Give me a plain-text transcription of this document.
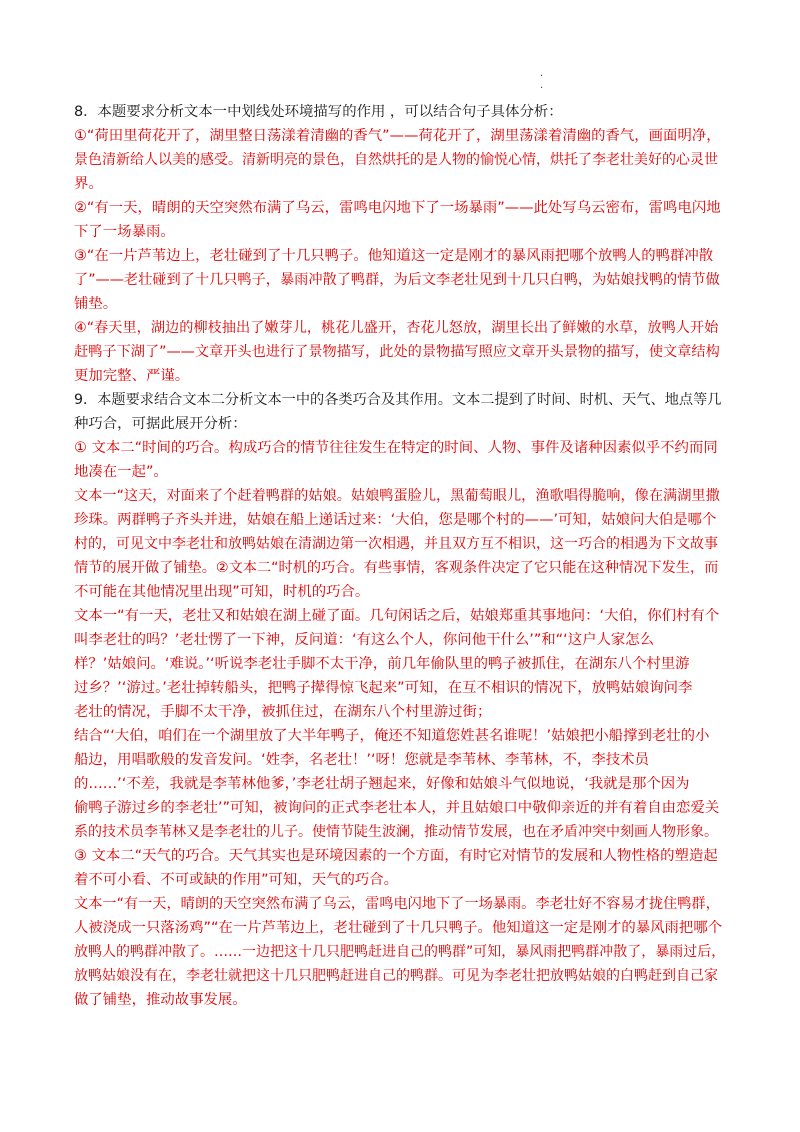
.
.
8．本题要求分析文本一中划线处环境描写的作用 ，可以结合句子具体分析：
①“荷田里荷花开了，湖里整日荡漾着清幽的香气”——荷花开了，湖里荡漾着清幽的香气，画面明净，
景色清新给人以美的感受。清新明亮的景色，自然烘托的是人物的愉悦心情，烘托了李老壮美好的心灵世
界。
②“有一天，晴朗的天空突然布满了乌云，雷鸣电闪地下了一场暴雨”——此处写乌云密布，雷鸣电闪地
下了一场暴雨。
③“在一片芦苇边上，老壮碰到了十几只鸭子。他知道这一定是刚才的暴风雨把哪个放鸭人的鸭群冲散
了”——老壮碰到了十几只鸭子，暴雨冲散了鸭群，为后文李老壮见到十几只白鸭，为姑娘找鸭的情节做
铺垫。
④“春天里，湖边的柳枝抽出了嫩芽儿，桃花儿盛开，杏花儿怒放，湖里长出了鲜嫩的水草，放鸭人开始
赶鸭子下湖了”——文章开头也进行了景物描写，此处的景物描写照应文章开头景物的描写，使文章结构
更加完整、严谨。
9．本题要求结合文本二分析文本一中的各类巧合及其作用。文本二提到了时间、时机、天气、地点等几
种巧合，可据此展开分析：
① 文本二“时间的巧合。构成巧合的情节往往发生在特定的时间、人物、事件及诸种因素似乎不约而同
地凑在一起”。
文本一“这天，对面来了个赶着鸭群的姑娘。姑娘鸭蛋脸儿，黑葡萄眼儿，渔歌唱得脆响，像在满湖里撒
珍珠。两群鸭子齐头并进，姑娘在船上递话过来：‘大伯，您是哪个村的——’可知，姑娘问大伯是哪个
村的，可见文中李老壮和放鸭姑娘在清湖边第一次相遇，并且双方互不相识，这一巧合的相遇为下文故事
情节的展开做了铺垫。②文本二“时机的巧合。有些事情，客观条件决定了它只能在这种情况下发生，而
不可能在其他情况里出现”可知，时机的巧合。
文本一“有一天，老壮又和姑娘在湖上碰了面。几句闲话之后，姑娘郑重其事地问：‘大伯，你们村有个
叫李老壮的吗？’老壮愣了一下神，反问道：‘有这么个人，你问他干什么’”和“‘这户人家怎么
样？’姑娘问。‘难说。’‘听说李老壮手脚不太干净，前几年偷队里的鸭子被抓住，在湖东八个村里游
过乡？’‘游过。’老壮掉转船头，把鸭子撵得惊飞起来”可知，在互不相识的情况下，放鸭姑娘询问李
老壮的情况，手脚不太干净，被抓住过，在湖东八个村里游过街；
结合“‘大伯，咱们在一个湖里放了大半年鸭子，俺还不知道您姓甚名谁呢！’姑娘把小船撑到老壮的小
船边，用唱歌般的发音发问。‘姓李，名老壮！’‘呀！您就是李苇林、李苇林，不，李技术员
的……’‘不差，我就是李苇林他爹，’李老壮胡子翘起来，好像和姑娘斗气似地说，‘我就是那个因为
偷鸭子游过乡的李老壮’”可知，被询问的正式李老壮本人，并且姑娘口中敬仰亲近的并有着自由恋爱关
系的技术员李苇林又是李老壮的儿子。使情节陡生波澜，推动情节发展，也在矛盾冲突中刻画人物形象。
③ 文本二“天气的巧合。天气其实也是环境因素的一个方面，有时它对情节的发展和人物性格的塑造起
着不可小看、不可或缺的作用”可知，天气的巧合。
文本一“有一天，晴朗的天空突然布满了乌云，雷鸣电闪地下了一场暴雨。李老壮好不容易才拢住鸭群，
人被浇成一只落汤鸡”“在一片芦苇边上，老壮碰到了十几只鸭子。他知道这一定是刚才的暴风雨把哪个
放鸭人的鸭群冲散了。……一边把这十几只肥鸭赶进自己的鸭群”可知，暴风雨把鸭群冲散了，暴雨过后，
放鸭姑娘没有在，李老壮就把这十几只肥鸭赶进自己的鸭群。可见为李老壮把放鸭姑娘的白鸭赶到自己家
做了铺垫，推动故事发展。
